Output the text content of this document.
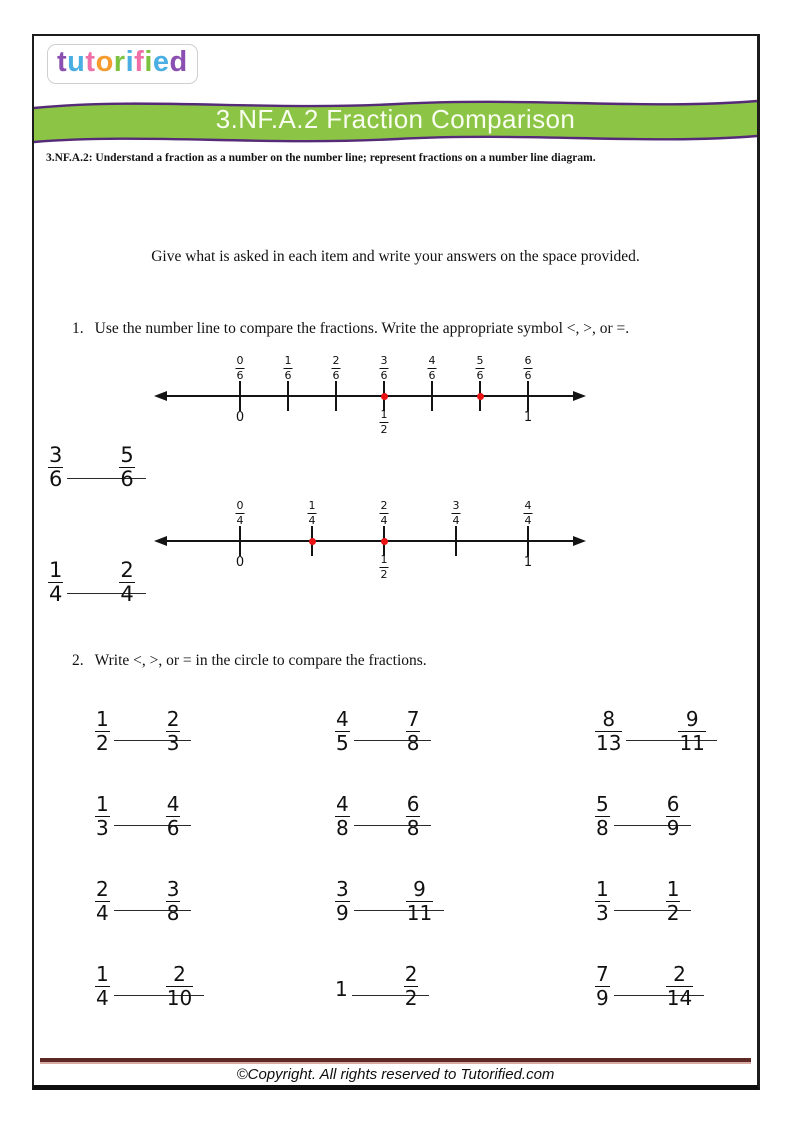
tutorified
3.NF.A.2 Fraction Comparison
3.NF.A.2: Understand a fraction as a number on the number line; represent fractions on a number line diagram.
Give what is asked in each item and write your answers on the space provided.
1. Use the number line to compare the fractions. Write the appropriate symbol <, >, or =.
$\frac{0}{6}$	$\frac{1}{6}$	$\frac{2}{6}$	$\frac{3}{6}$	$\frac{4}{6}$	$\frac{5}{6}$	$\frac{6}{6}$
0	$\frac{1}{2}$	1
$\frac{3}{6}$	$\frac{5}{6}$
$\frac{0}{4}$	$\frac{1}{4}$	$\frac{2}{4}$	$\frac{3}{4}$	$\frac{4}{4}$
0	$\frac{1}{2}$	1
$\frac{1}{4}$	$\frac{2}{4}$
2. Write <, >, or = in the circle to compare the fractions.
$\frac{1}{2}$	$\frac{2}{3}$	$\frac{4}{5}$	$\frac{7}{8}$	$\frac{8}{13}$	$\frac{9}{11}$
$\frac{1}{3}$	$\frac{4}{6}$	$\frac{4}{8}$	$\frac{6}{8}$	$\frac{5}{8}$	$\frac{6}{9}$
$\frac{2}{4}$	$\frac{3}{8}$	$\frac{3}{9}$	$\frac{9}{11}$	$\frac{1}{3}$	$\frac{1}{2}$
$\frac{1}{4}$	$\frac{2}{10}$	1	$\frac{2}{2}$	$\frac{7}{9}$	$\frac{2}{14}$
©Copyright. All rights reserved to Tutorified.com
